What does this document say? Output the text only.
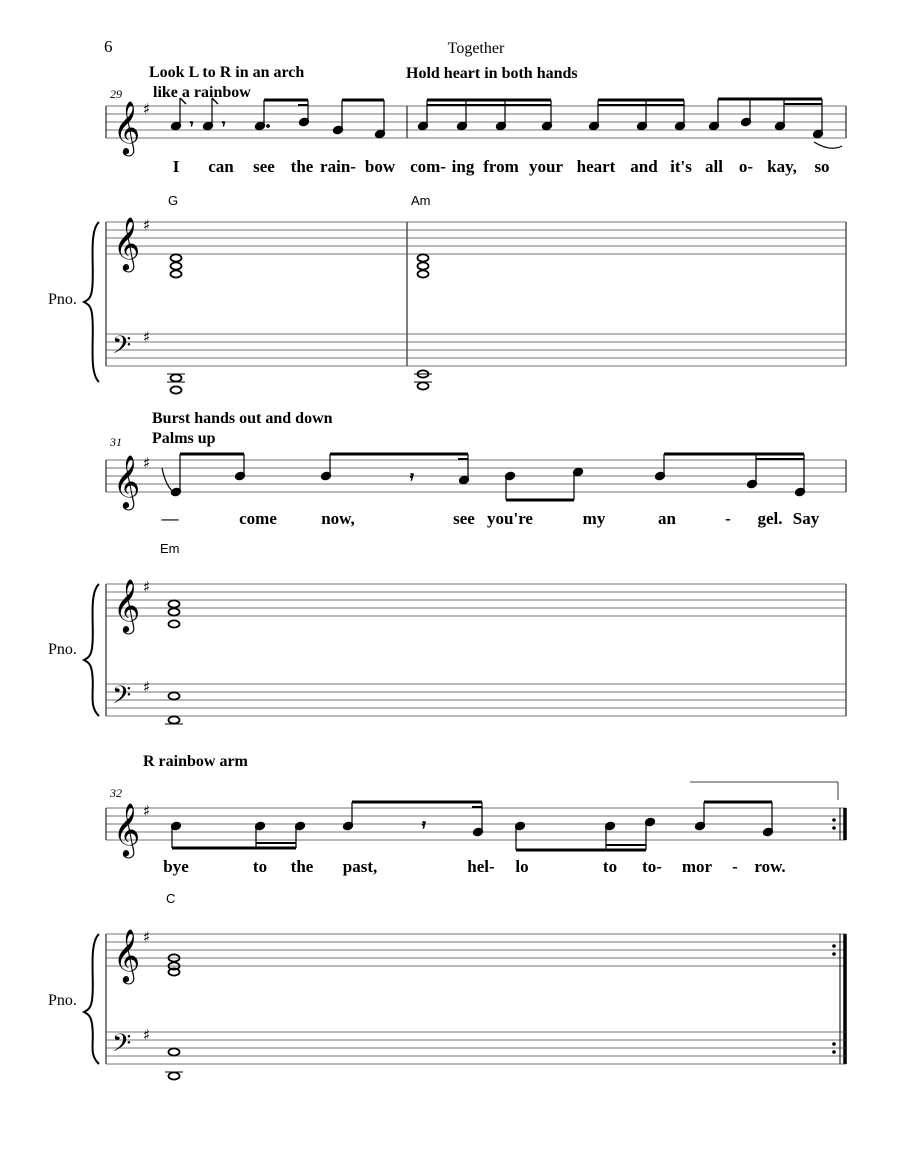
6	Together
Look L to R in an arch
like a rainbow
Hold heart in both hands
29
𝄞 ♯
𝄾 𝄾
I can see the rain- bow com- ing from your heart and it's all o- kay, so
G	Am
Pno.
𝄞 ♯
𝄢 ♯
Burst hands out and down
Palms up
31
𝄞 ♯
𝄿
—	come	now,	see you're	my	an	- gel. Say
Em
Pno.
𝄞 ♯
𝄢 ♯
R rainbow arm
32
𝄞 ♯
𝄿
bye	to the past,	hel- lo	to to- mor - row.
C
Pno.
𝄞 ♯
𝄢 ♯
